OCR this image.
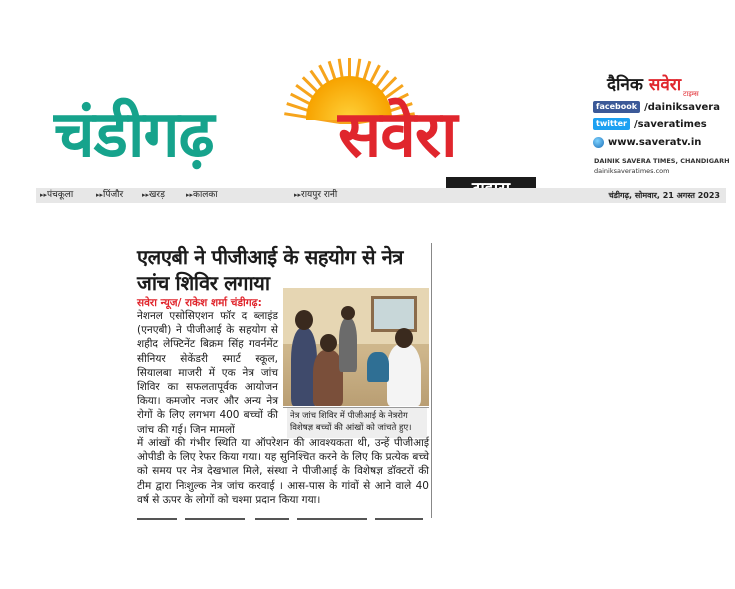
चंडीगढ़ सवेरा
दैनिक सवेरा टाइम्स
facebook /dainiksavera
twitter /saveratimes
www.saveratv.in
DAINIK SAVERA TIMES, CHANDIGARH
dainiksaveratimes.com
▸▸ पंचकूला	▸▸ पिंजौर	▸▸ खरड़	▸▸ कालका	▸▸ रायपुर रानी	चंडीगढ़, सोमवार, 21 अगस्त 2023
एलएबी ने पीजीआई के सहयोग से नेत्र जांच शिविर लगाया
सवेरा न्यूज/ राकेश शर्मा चंडीगढ़:
नेशनल एसोसिएशन फॉर द ब्लाइंड (एनएबी) ने पीजीआई के सहयोग से शहीद लेफ्टिनेंट बिक्रम सिंह गवर्नमेंट सीनियर सेकेंडरी स्मार्ट स्कूल, सियालबा माजरी में एक नेत्र जांच शिविर का सफलतापूर्वक आयोजन किया। कमजोर नजर और अन्य नेत्र रोगों के लिए लगभग 400 बच्चों की जांच की गई। जिन मामलों
नेत्र जांच शिविर में पीजीआई के नेत्ररोग विशेषज्ञ बच्चों की आंखों को जांचते हुए।
में आंखों की गंभीर स्थिति या ऑपरेशन की आवश्यकता थी, उन्हें पीजीआई ओपीडी के लिए रेफर किया गया। यह सुनिश्चित करने के लिए कि प्रत्येक बच्चे को समय पर नेत्र देखभाल मिले, संस्था ने पीजीआई के विशेषज्ञ डॉक्टरों की टीम द्वारा निःशुल्क नेत्र जांच करवाई । आस-पास के गांवों से आने वाले 40 वर्ष से ऊपर के लोगों को चश्मा प्रदान किया गया।
